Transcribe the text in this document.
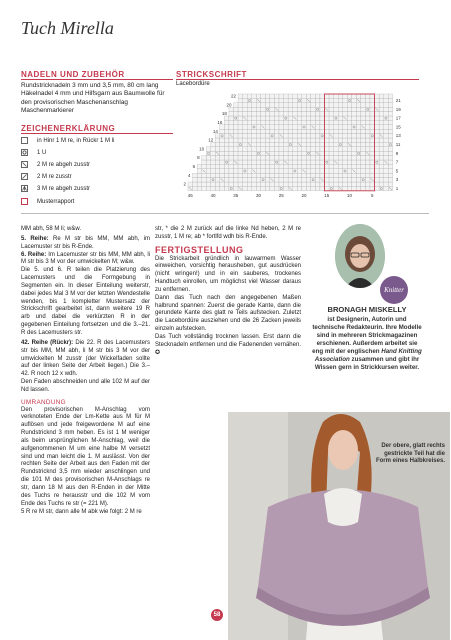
Tuch Mirella
NADELN UND ZUBEHÖR
Rundstricknadeln 3 mm und 3,5 mm, 80 cm lang
Häkelnadel 4 mm und Hilfsgarn aus Baumwolle für
den provisorischen Maschenanschlag
Maschenmarkierer
ZEICHENERKLÄRUNG
in Hinr 1 M re, in Rückr 1 M li
1 U
2 M re abgeh zusstr
2 M re zusstr
3 M re abgeh zusstr
Musterrapport
STRICKSCHRIFT
Lacebordüre
22
20
18
16
14
12
10
8
6
4
2
21
19
17
15
13
11
9
7
5
3
1
45	40	35	30	25	20	15	10	5
MM abh, 58 M li; w&w.
5. Reihe: Re M str bis MM, MM abh, im Lacemuster str bis R-Ende.
6. Reihe: Im Lacemuster str bis MM, MM abh, li M str bis 3 M vor der umwickelten M; w&w.
Die 5. und 6. R teilen die Platzierung des Lacemusters und die Formgebung in Segmenten ein. In dieser Einteilung weiterstr, dabei jedes Mal 3 M vor der letzten Wendestelle wenden, bis 1 kompletter Mustersatz der Strickschrift gearbeitet ist, dann weitere 19 R arb und dabei die verkürzten R in der gegebenen Einteilung fortsetzen und die 3.–21. R des Lacemusters str.
42. Reihe (Rückr): Die 22. R des Lacemusters str bis MM, MM abh, li M str bis 3 M vor der umwickelten M zusstr (der Wickelfaden sollte auf der linken Seite der Arbeit liegen.) Die 3.–42. R noch 12 x wdh.
Den Faden abschneiden und alle 102 M auf der Nd lassen.
UMRANDUNG
Den provisorischen M-Anschlag vom verknoteten Ende der Lm-Kette aus M für M auflösen und jede freigewordene M auf eine Rundstricknd 3 mm heben. Es ist 1 M weniger als beim ursprünglichen M-Anschlag, weil die aufgenommenen M um eine halbe M versetzt sind und man leicht die 1. M auslässt. Von der rechten Seite der Arbeit aus den Faden mit der Rundstricknd 3,5 mm wieder anschlingen und die 101 M des provisorischen M-Anschlags re str, dann 18 M aus den R-Enden in der Mitte des Tuchs re herausstr und die 102 M vom Ende des Tuchs re str (= 221 M).
5 R re M str, dann alle M abk wie folgt: 2 M re
str, * die 2 M zurück auf die linke Nd heben, 2 M re zusstr, 1 M re; ab * fortlfd wdh bis R-Ende.
FERTIGSTELLUNG
Die Strickarbeit gründlich in lauwarmem Wasser einweichen, vorsichtig herausheben, gut ausdrücken (nicht wringen!) und in ein sauberes, trockenes Handtuch einrollen, um möglichst viel Wasser daraus zu entfernen.
Dann das Tuch nach den angegebenen Maßen halbrund spannen: Zuerst die gerade Kante, dann die gerundete Kante des glatt re Teils aufstecken. Zuletzt die Lacebordüre ausziehen und die 26 Zacken jeweils einzeln aufstecken.
Das Tuch vollständig trocknen lassen. Erst dann die Stecknadeln entfernen und die Fadenenden vernähen. ✪
Knitter
BRONAGH MISKELLY
ist Designerin, Autorin und technische Redakteurin. Ihre Modelle sind in mehreren Strickmagazinen erschienen. Außerdem arbeitet sie eng mit der englischen Hand Knitting Association zusammen und gibt ihr Wissen gern in Strickkursen weiter.
Der obere, glatt rechts gestrickte Teil hat die Form eines Halbkreises.
58
